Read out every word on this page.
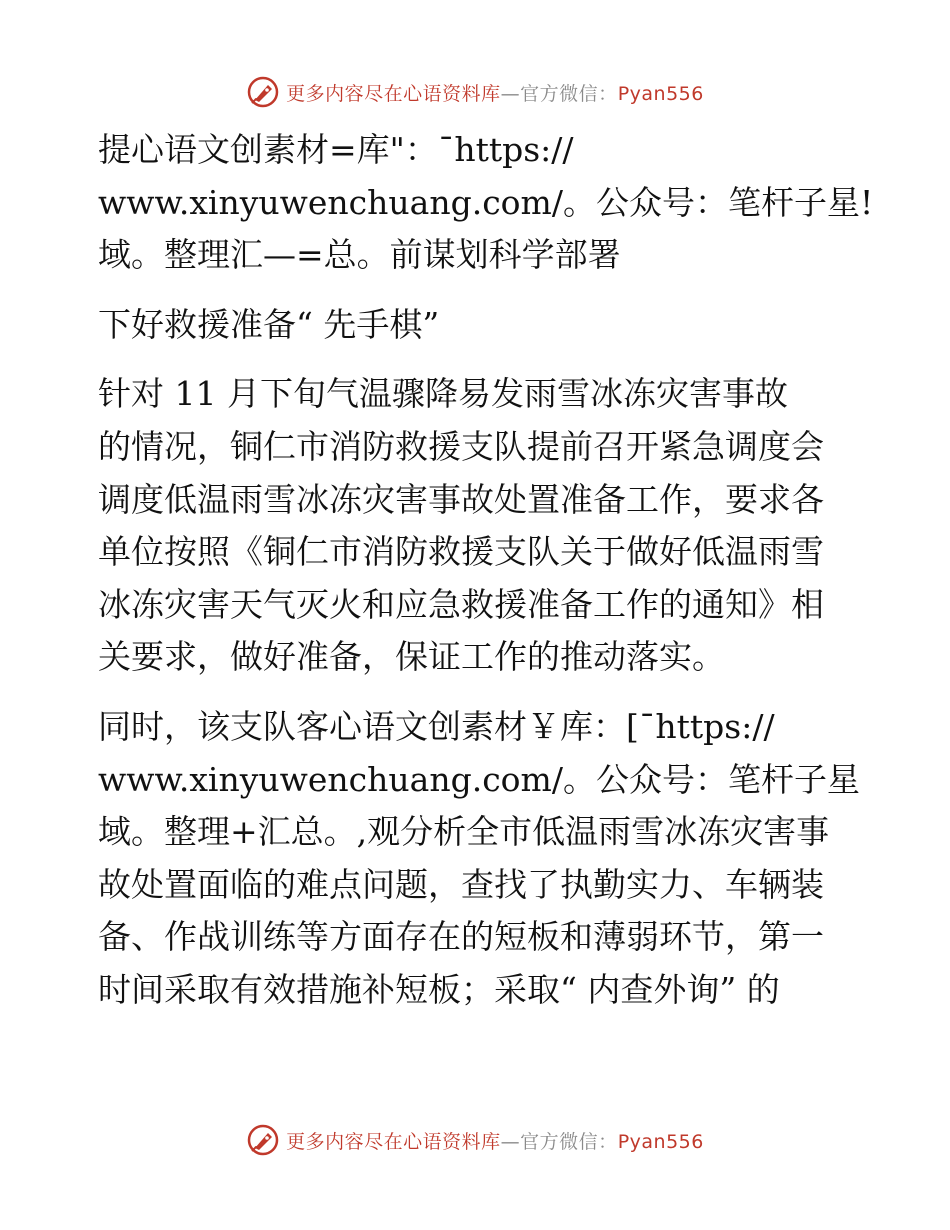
更多内容尽在心语资料库—官方微信：Pyan556
提心语文创素材=库"：¯https://
www.xinyuwenchuang.com/。公众号：笔杆子星!
域。整理汇—=总。前谋划科学部署
下好救援准备“ 先手棋”
针对 11 月下旬气温骤降易发雨雪冰冻灾害事故
的情况，铜仁市消防救援支队提前召开紧急调度会
调度低温雨雪冰冻灾害事故处置准备工作，要求各
单位按照《铜仁市消防救援支队关于做好低温雨雪
冰冻灾害天气灭火和应急救援准备工作的通知》相
关要求，做好准备，保证工作的推动落实。
同时，该支队客心语文创素材￥库：[¯https://
www.xinyuwenchuang.com/。公众号：笔杆子星
域。整理+汇总。,观分析全市低温雨雪冰冻灾害事
故处置面临的难点问题，查找了执勤实力、车辆装
备、作战训练等方面存在的短板和薄弱环节，第一
时间采取有效措施补短板；采取“ 内查外询” 的
更多内容尽在心语资料库—官方微信：Pyan556
